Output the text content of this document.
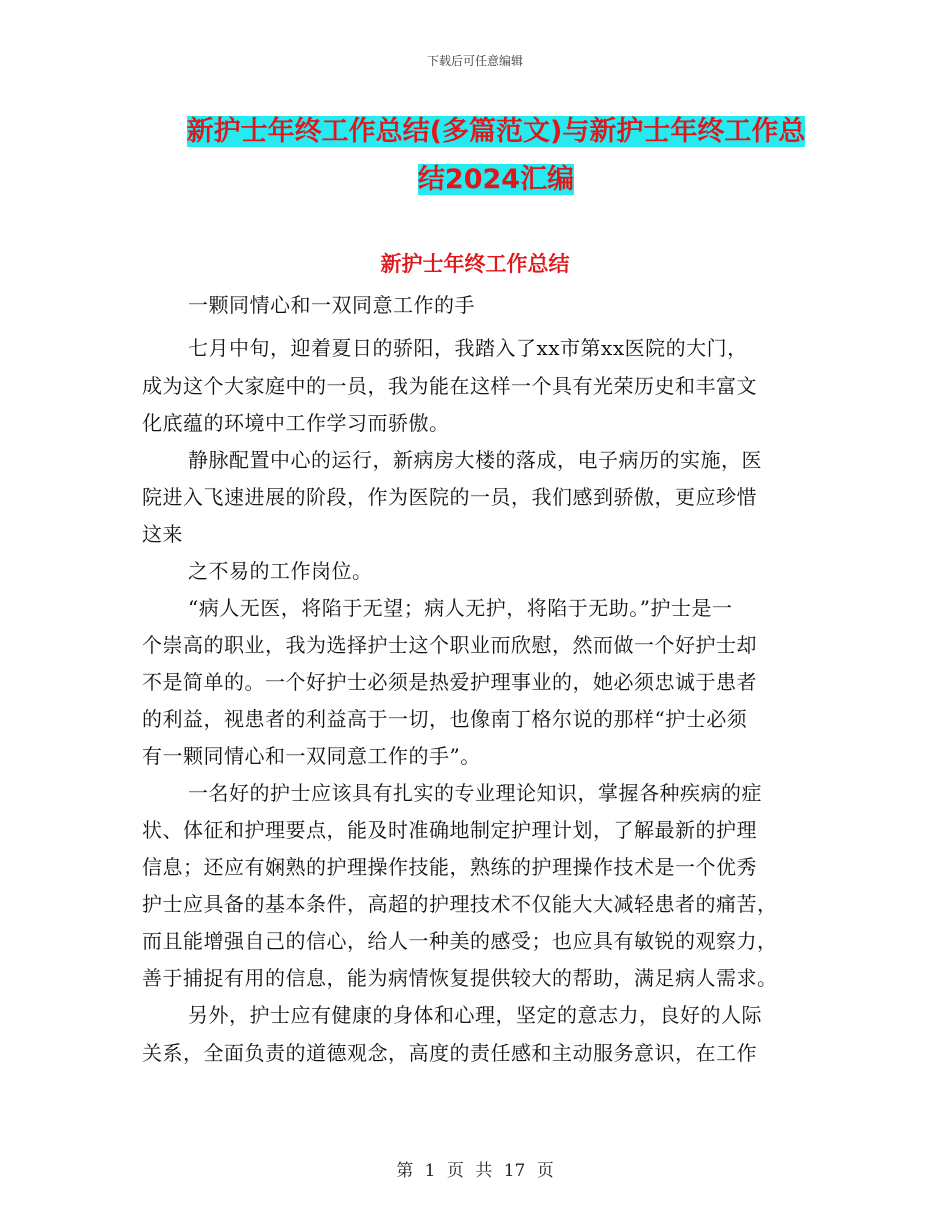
下载后可任意编辑
新护士年终工作总结(多篇范文)与新护士年终工作总
结2024汇编
新护士年终工作总结
一颗同情心和一双同意工作的手
七月中旬，迎着夏日的骄阳，我踏入了xx市第xx医院的大门，
成为这个大家庭中的一员，我为能在这样一个具有光荣历史和丰富文
化底蕴的环境中工作学习而骄傲。
静脉配置中心的运行，新病房大楼的落成，电子病历的实施，医
院进入飞速进展的阶段，作为医院的一员，我们感到骄傲，更应珍惜
这来
之不易的工作岗位。
“病人无医，将陷于无望；病人无护，将陷于无助。”护士是一
个崇高的职业，我为选择护士这个职业而欣慰，然而做一个好护士却
不是简单的。一个好护士必须是热爱护理事业的，她必须忠诚于患者
的利益，视患者的利益高于一切，也像南丁格尔说的那样“护士必须
有一颗同情心和一双同意工作的手”。
一名好的护士应该具有扎实的专业理论知识，掌握各种疾病的症
状、体征和护理要点，能及时准确地制定护理计划，了解最新的护理
信息；还应有娴熟的护理操作技能，熟练的护理操作技术是一个优秀
护士应具备的基本条件，高超的护理技术不仅能大大减轻患者的痛苦，
而且能增强自己的信心，给人一种美的感受；也应具有敏锐的观察力，
善于捕捉有用的信息，能为病情恢复提供较大的帮助，满足病人需求。
另外，护士应有健康的身体和心理，坚定的意志力，良好的人际
关系，全面负责的道德观念，高度的责任感和主动服务意识，在工作
第 1 页 共 17 页
